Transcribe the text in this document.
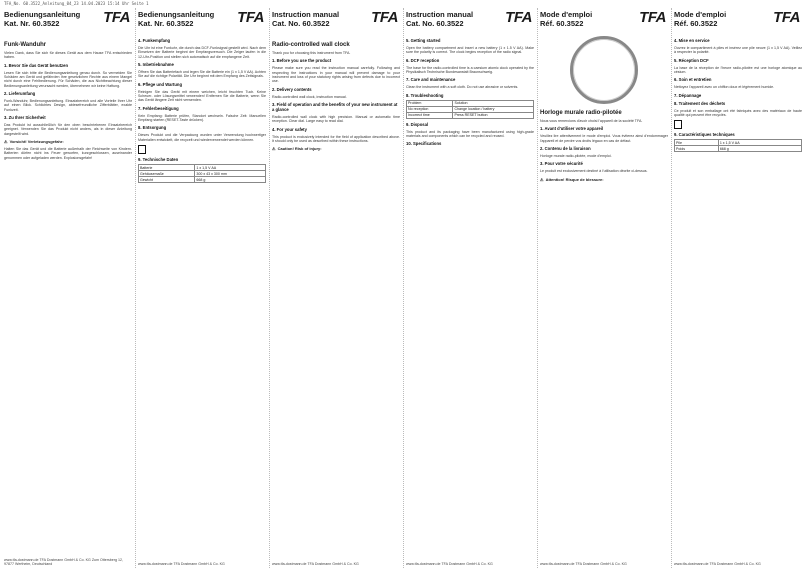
TFA_No. 60.3522_Anleitung_04_23 14.04.2023 15:14 Uhr Seite 1
TFA
Bedienungsanleitung
Kat. Nr. 60.3522
Funk-Wanduhr
Vielen Dank, dass Sie sich für dieses Gerät aus dem Hause TFA entschieden haben.
1. Bevor Sie das Gerät benutzen
Lesen Sie sich bitte die Bedienungsanleitung genau durch. So vermeiden Sie Schäden am Gerät und gefährden Ihre gesetzlichen Rechte aus einem Mangel nicht durch eine Fehlbedienung. Für Schäden, die aus Nichtbeachtung dieser Bedienungsanleitung verursacht werden, übernehmen wir keine Haftung.
2. Lieferumfang
Funk-Wanduhr, Bedienungsanleitung. Einsatzbereich und alle Vorteile Ihrer Uhr auf einen Blick. Schlichtes Design, ablesefreundliche Zifferblätter, exakte Funkzeit.
3. Zu Ihrer Sicherheit
Das Produkt ist ausschließlich für den oben beschriebenen Einsatzbereich geeignet. Verwenden Sie das Produkt nicht anders, als in dieser Anleitung dargestellt wird.
⚠ Vorsicht! Verletzungsgefahr:
Halten Sie das Gerät und die Batterie außerhalb der Reichweite von Kindern. Batterien dürfen nicht ins Feuer geworfen, kurzgeschlossen, auseinander genommen oder aufgeladen werden. Explosionsgefahr!
www.tfa-dostmann.de TFA Dostmann GmbH & Co. KG Zum Ottersberg 12, 97877 Wertheim, Deutschland
TFA
Bedienungsanleitung
Kat. Nr. 60.3522
4. Funkempfang
Die Uhr ist eine Funkuhr, die durch das DCF-Funksignal gestellt wird. Nach dem Einsetzen der Batterie beginnt der Empfangsversuch. Die Zeiger laufen in die 12-Uhr-Position und stellen sich automatisch auf die empfangene Zeit.
5. Inbetriebnahme
Öffnen Sie das Batteriefach und legen Sie die Batterie ein (1 x 1,5 V AA). Achten Sie auf die richtige Polarität. Die Uhr beginnt mit dem Empfang des Zeitsignals.
6. Pflege und Wartung
Reinigen Sie das Gerät mit einem weichen, leicht feuchten Tuch. Keine Scheuer- oder Lösungsmittel verwenden! Entfernen Sie die Batterie, wenn Sie das Gerät längere Zeit nicht verwenden.
7. Fehlerbeseitigung
Kein Empfang: Batterie prüfen, Standort wechseln. Falsche Zeit: Manuellen Empfang starten (RESET-Taste drücken).
8. Entsorgung
Dieses Produkt und die Verpackung wurden unter Verwendung hochwertiger Materialien entwickelt, die recycelt und wiederverwendet werden können.
9. Technische Daten
Batterie	1 x 1,5 V AA
Gehäusemaße	300 x 43 x 300 mm
Gewicht	668 g
www.tfa-dostmann.de TFA Dostmann GmbH & Co. KG
TFA
Instruction manual
Cat. No. 60.3522
Radio-controlled wall clock
Thank you for choosing this instrument from TFA.
1. Before you use the product
Please make sure you read the instruction manual carefully. Following and respecting the instructions in your manual will prevent damage to your instrument and loss of your statutory rights arising from defects due to incorrect use.
2. Delivery contents
Radio-controlled wall clock, instruction manual.
3. Field of operation and the benefits of your new instrument at a glance
Radio-controlled wall clock with high precision. Manual or automatic time reception. Clear dial. Large easy to read dial.
4. For your safety
This product is exclusively intended for the field of application described above. It should only be used as described within these instructions.
⚠ Caution! Risk of injury:
www.tfa-dostmann.de TFA Dostmann GmbH & Co. KG
TFA
Instruction manual
Cat. No. 60.3522
5. Getting started
Open the battery compartment and insert a new battery (1 x 1.5 V AA). Make sure the polarity is correct. The clock begins reception of the radio signal.
6. DCF reception
The base for the radio-controlled time is a caesium atomic clock operated by the Physikalisch Technische Bundesanstalt Braunschweig.
7. Care and maintenance
Clean the instrument with a soft cloth. Do not use abrasive or solvents.
8. Troubleshooting
Problem	Solution
No reception	Change location / battery
Incorrect time	Press RESET button
9. Disposal
This product and its packaging have been manufactured using high-grade materials and components which can be recycled and reused.
10. Specifications
www.tfa-dostmann.de TFA Dostmann GmbH & Co. KG
TFA
Mode d'emploi
Réf. 60.3522
Horloge murale radio-pilotée
Nous vous remercions d'avoir choisi l'appareil de la société TFA.
1. Avant d'utiliser votre appareil
Veuillez lire attentivement le mode d'emploi. Vous éviterez ainsi d'endommager l'appareil et de perdre vos droits légaux en cas de défaut.
2. Contenu de la livraison
Horloge murale radio-pilotée, mode d'emploi.
3. Pour votre sécurité
Le produit est exclusivement destiné à l'utilisation décrite ci-dessus.
⚠ Attention! Risque de blessure:
www.tfa-dostmann.de TFA Dostmann GmbH & Co. KG
TFA
Mode d'emploi
Réf. 60.3522
4. Mise en service
Ouvrez le compartiment à piles et insérez une pile neuve (1 x 1,5 V AA). Veillez à respecter la polarité.
5. Réception DCF
La base de la réception de l'heure radio-pilotée est une horloge atomique au césium.
6. Soin et entretien
Nettoyez l'appareil avec un chiffon doux et légèrement humide.
7. Dépannage
8. Traitement des déchets
Ce produit et son emballage ont été fabriqués avec des matériaux de haute qualité qui peuvent être recyclés.
9. Caractéristiques techniques
Pile	1 x 1,5 V AA
Poids	668 g
www.tfa-dostmann.de TFA Dostmann GmbH & Co. KG
